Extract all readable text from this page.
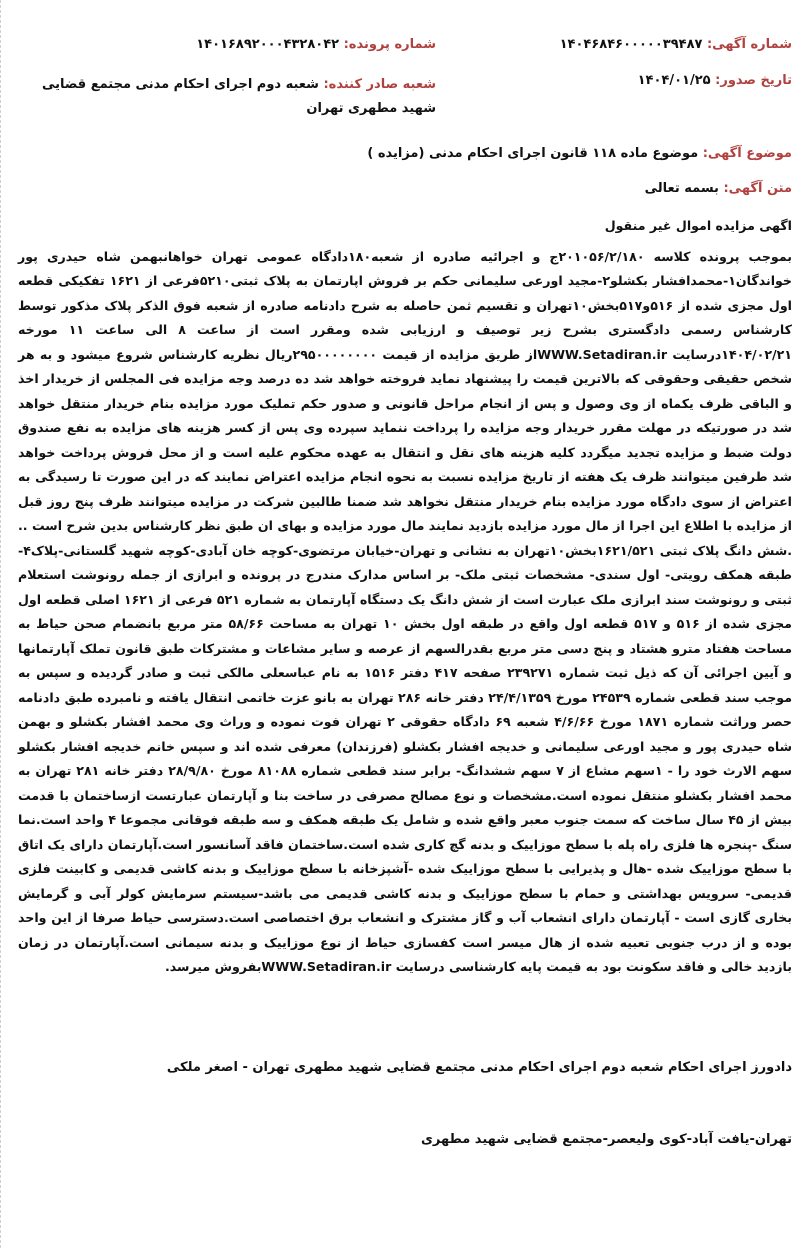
شماره آگهی: ۱۴۰۴۶۸۴۶۰۰۰۰۰۳۹۴۸۷
شماره پرونده: ۱۴۰۱۶۸۹۲۰۰۰۴۳۲۸۰۴۲
تاریخ صدور: ۱۴۰۴/۰۱/۲۵
شعبه صادر کننده: شعبه دوم اجرای احکام مدنی مجتمع قضایی شهید مطهری تهران
موضوع آگهی: موضوع ماده ۱۱۸ قانون اجرای احکام مدنی (مزایده )
متن آگهی: بسمه تعالی

اگهی مزایده اموال غیر منقول

بموجب پرونده کلاسه ۲۰۱۰۵۶/۲/۱۸۰ج و اجرائیه صادره از شعبه۱۸۰دادگاه عمومی تهران خواهانبهمن شاه حیدری پور خواندگان۱-محمدافشار بکشلو۲-مجید اورعی سلیمانی حکم بر فروش اپارتمان به پلاک ثبتی۵۲۱۰فرعی از ۱۶۲۱ تفکیکی قطعه اول مجزی شده از ۵۱۶و۵۱۷بخش۱۰تهران و تقسیم ثمن حاصله به شرح دادنامه صادره از شعبه فوق الذکر پلاک مذکور توسط کارشناس رسمی دادگستری بشرح زیر توصیف و ارزیابی شده ومقرر است از ساعت ۸ الی ساعت ۱۱ مورخه ۱۴۰۴/۰۲/۲۱درسایت WWW.Setadiran.irاز طریق مزایده از قیمت ۲۹۵۰۰۰۰۰۰۰۰ریال نظریه کارشناس شروع میشود و به هر شخص حقیقی وحقوقی که بالاترین قیمت را پیشنهاد نماید فروخته خواهد شد ده درصد وجه مزایده فی المجلس از خریدار اخذ و الباقی ظرف یکماه از وی وصول و پس از انجام مراحل قانونی و صدور حکم تملیک مورد مزایده بنام خریدار منتقل خواهد شد در صورتیکه در مهلت مقرر خریدار وجه مزایده را پرداخت ننماید سپرده وی پس از کسر هزینه های مزایده به نفع صندوق دولت ضبط و مزایده تجدید میگردد کلیه هزینه های نقل و انتقال به عهده محکوم علیه است و از محل فروش پرداخت خواهد شد طرفین میتوانند ظرف یک هفته از تاریخ مزایده نسبت به نحوه انجام مزایده اعتراض نمایند که در این صورت تا رسیدگی به اعتراض از سوی دادگاه مورد مزایده بنام خریدار منتقل نخواهد شد ضمنا طالبین شرکت در مزایده میتوانند ظرف پنج روز قبل از مزایده با اطلاع این اجرا از مال مورد مزایده بازدید نمایند مال مورد مزایده و بهای ان طبق نظر کارشناس بدین شرح است .. .شش دانگ پلاک ثبتی ۱۶۲۱/۵۲۱بخش۱۰تهران به نشانی و تهران-خیابان مرتضوی-کوچه خان آبادی-کوچه شهید گلستانی-پلاک۴-طبقه همکف رویتی- اول سندی- مشخصات ثبتی ملک- بر اساس مدارک مندرج در پرونده و ابرازی از جمله رونوشت استعلام ثبتی و رونوشت سند ابرازی ملک عبارت است از شش دانگ یک دستگاه آپارتمان به شماره ۵۲۱ فرعی از ۱۶۲۱ اصلی قطعه اول مجزی شده از ۵۱۶ و ۵۱۷ قطعه اول واقع در طبقه اول بخش ۱۰ تهران به مساحت ۵۸/۶۶ متر مربع بانضمام صحن حیاط به مساحت هفتاد مترو هشتاد و پنج دسی متر مربع بقدرالسهم از عرصه و سایر مشاعات و مشترکات طبق قانون تملک آپارتمانها و آیین اجرائی آن که ذیل ثبت شماره ۲۳۹۲۷۱ صفحه ۴۱۷ دفتر ۱۵۱۶ به نام عباسعلی مالکی ثبت و صادر گردیده و سپس به موجب سند قطعی شماره ۲۴۵۳۹ مورخ ۲۴/۴/۱۳۵۹ دفتر خانه ۲۸۶ تهران به بانو عزت خاتمی انتقال یافته و نامبرده طبق دادنامه حصر وراثت شماره ۱۸۷۱ مورخ ۴/۶/۶۶ شعبه ۶۹ دادگاه حقوقی ۲ تهران فوت نموده و وراث وی محمد افشار بکشلو و بهمن شاه حیدری پور و مجید اورعی سلیمانی و خدیجه افشار بکشلو (فرزندان) معرفی شده اند و سپس خانم خدیجه افشار بکشلو سهم الارث خود را - ۱سهم مشاع از ۷ سهم ششدانگ- برابر سند قطعی شماره ۸۱۰۸۸ مورخ ۲۸/۹/۸۰ دفتر خانه ۲۸۱ تهران به محمد افشار بکشلو منتقل نموده است.مشخصات و نوع مصالح مصرفی در ساخت بنا و آپارتمان عبارتست ازساختمان با قدمت بیش از ۴۵ سال ساخت که سمت جنوب معبر واقع شده و شامل یک طبقه همکف و سه طبقه فوقانی مجموعا ۴ واحد است.نما سنگ -پنجره ها فلزی راه پله با سطح موزاییک و بدنه گچ کاری شده است.ساختمان فاقد آسانسور است.آپارتمان دارای یک اتاق با سطح موزاییک شده -هال و پذیرایی با سطح موزاییک شده -آشپزخانه با سطح موزاییک و بدنه کاشی قدیمی و کابینت فلزی قدیمی- سرویس بهداشتی و حمام با سطح موزاییک و بدنه کاشی قدیمی می باشد-سیستم سرمایش کولر آبی و گرمایش بخاری گازی است - آپارتمان دارای انشعاب آب و گاز مشترک و انشعاب برق اختصاصی است.دسترسی حیاط صرفا از این واحد بوده و از درب جنوبی تعبیه شده از هال میسر است کفسازی حیاط از نوع موزاییک و بدنه سیمانی است.آپارتمان در زمان بازدید خالی و فاقد سکونت بود به قیمت پایه کارشناسی درسایت WWW.Setadiran.irبفروش میرسد.

دادورز اجرای احکام شعبه دوم اجرای احکام مدنی مجتمع قضایی شهید مطهری تهران - اصغر ملکی
تهران-یافت آباد-کوی ولیعصر-مجتمع قضایی شهید مطهری
